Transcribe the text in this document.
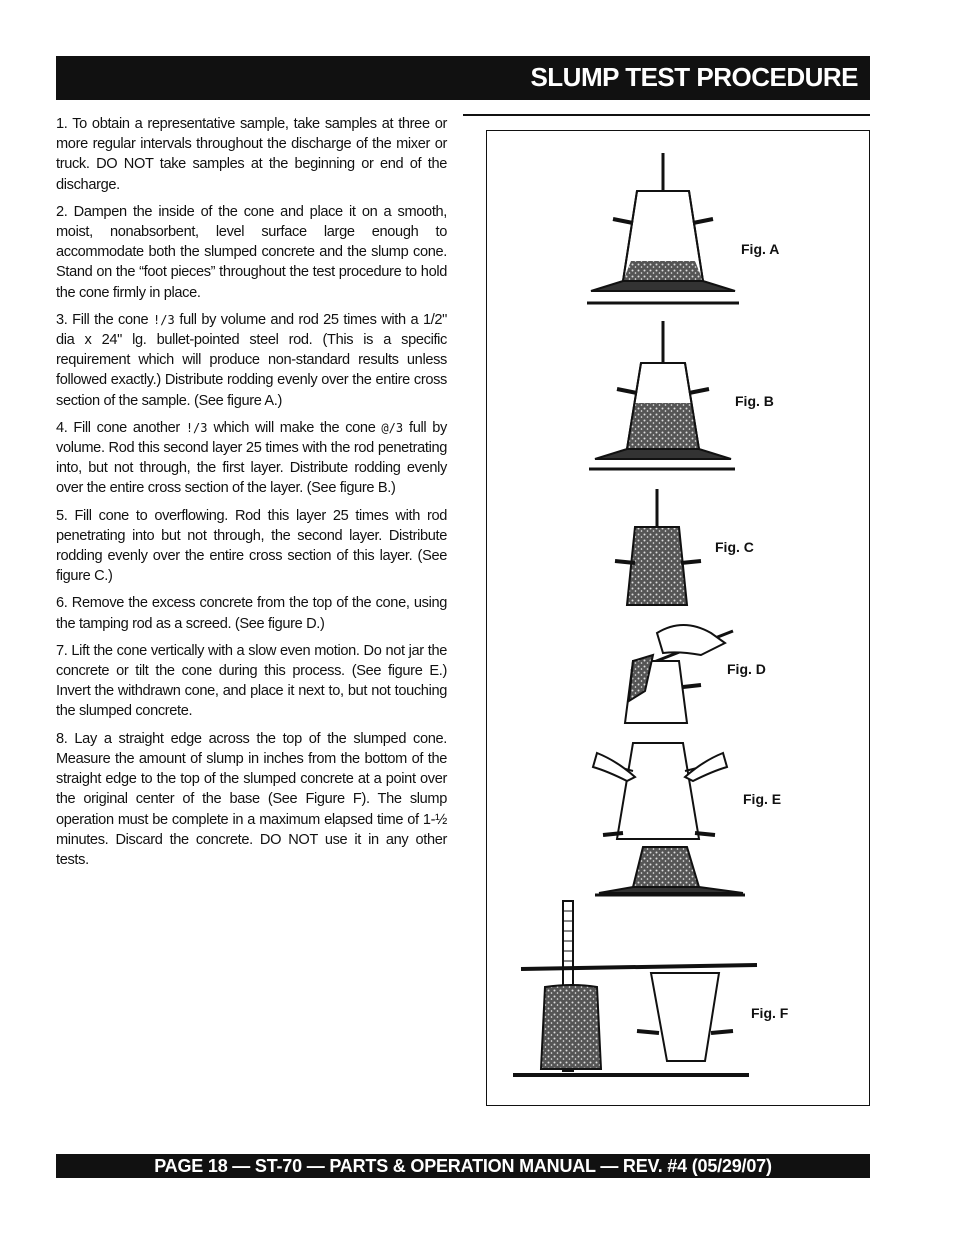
SLUMP TEST PROCEDURE

1. To obtain a representative sample, take samples at three or more regular intervals throughout the discharge of the mixer or truck. DO NOT take samples at the beginning or end of the discharge.

2. Dampen the inside of the cone and place it on a smooth, moist, nonabsorbent, level surface large enough to accommodate both the slumped concrete and the slump cone. Stand on the “foot pieces” throughout the test procedure to hold the cone firmly in place.

3. Fill the cone !/3 full by volume and rod 25 times with a 1/2" dia x 24" lg. bullet-pointed steel rod. (This is a specific requirement which will produce non-standard results unless followed exactly.) Distribute rodding evenly over the entire cross section of the sample. (See figure A.)

4. Fill cone another !/3 which will make the cone @/3 full by volume. Rod this second layer 25 times with the rod penetrating into, but not through, the first layer. Distribute rodding evenly over the entire cross section of the layer. (See figure B.)

5. Fill cone to overflowing. Rod this layer 25 times with rod penetrating into but not through, the second layer. Distribute rodding evenly over the entire cross section of this layer. (See figure C.)

6. Remove the excess concrete from the top of the cone, using the tamping rod as a screed. (See figure D.)

7. Lift the cone vertically with a slow even motion. Do not jar the concrete or tilt the cone during this process. (See figure E.) Invert the withdrawn cone, and place it next to, but not touching the slumped concrete.

8. Lay a straight edge across the top of the slumped cone. Measure the amount of slump in inches from the bottom of the straight edge to the top of the slumped concrete at a point over the original center of the base (See Figure F). The slump operation must be complete in a maximum elapsed time of 1-½ minutes. Discard the concrete. DO NOT use it in any other tests.

Fig. A
Fig. B
Fig. C
Fig. D
Fig. E
Fig. F
PAGE 18 — ST-70 — PARTS & OPERATION MANUAL — REV. #4 (05/29/07)
